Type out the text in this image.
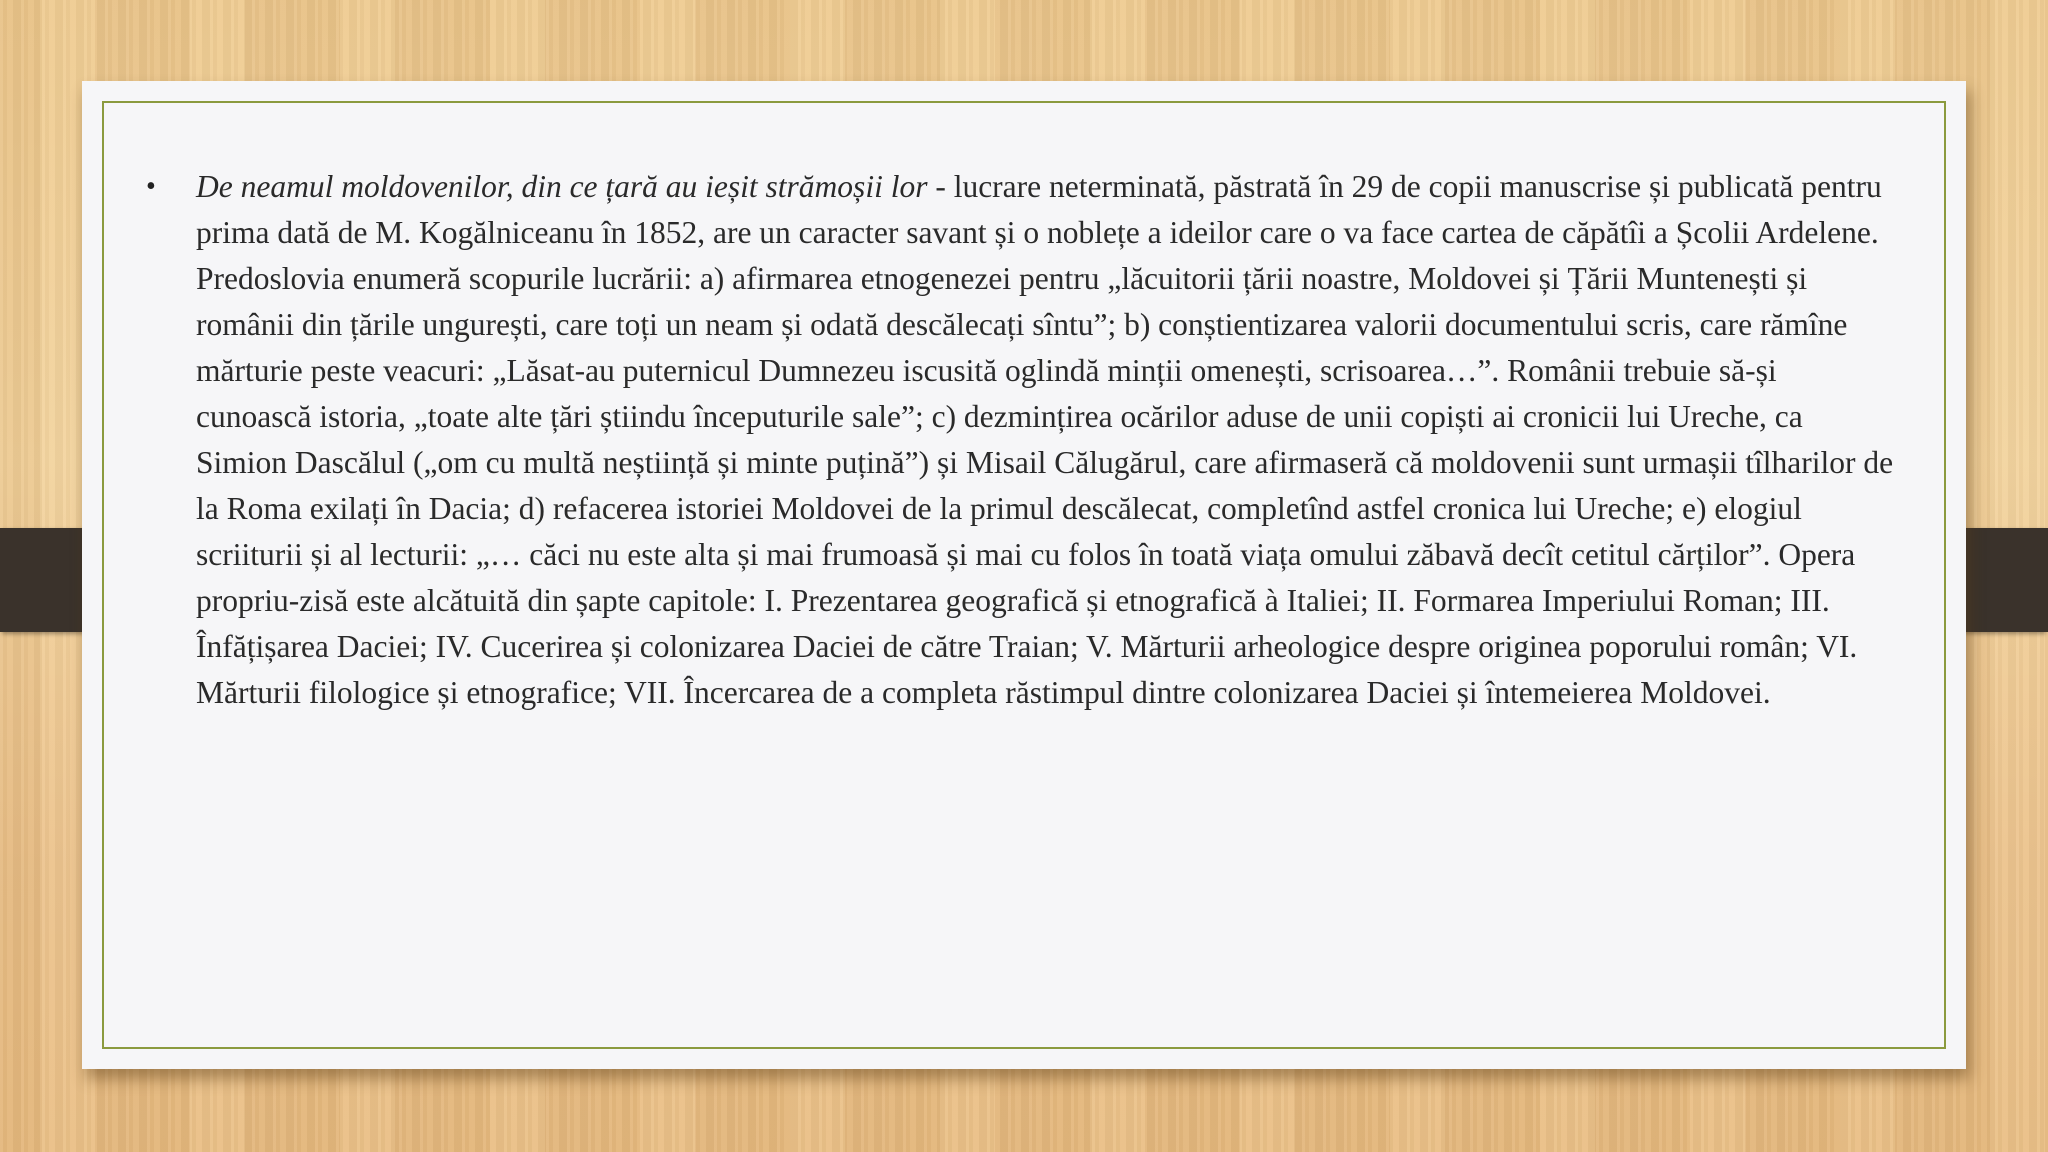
•	De neamul moldovenilor, din ce țară au ieșit strămoșii lor - lucrare neterminată, păstrată în 29 de copii manuscrise și publicată pentru prima dată de M. Kogălniceanu în 1852, are un caracter savant și o noblețe a ideilor care o va face cartea de căpătîi a Școlii Ardelene. Predoslovia enumeră scopurile lucrării: a) afirmarea etnogenezei pentru „lăcuitorii țării noastre, Moldovei și Țării Muntenești și românii din țările ungurești, care toți un neam și odată descălecați sîntu”; b) conștientizarea valorii documentului scris, care rămîne mărturie peste veacuri: „Lăsat-au puternicul Dumnezeu iscusită oglindă minții omenești, scrisoarea…”. Românii trebuie să-și cunoască istoria, „toate alte țări știindu începuturile sale”; c) dezmințirea ocărilor aduse de unii copiști ai cronicii lui Ureche, ca Simion Dascălul („om cu multă neștiință și minte puțină”) și Misail Călugărul, care afirmaseră că moldovenii sunt urmașii tîlharilor de la Roma exilați în Dacia; d) refacerea istoriei Moldovei de la primul descălecat, completînd astfel cronica lui Ureche; e) elogiul scriiturii și al lecturii: „… căci nu este alta și mai frumoasă și mai cu folos în toată viața omului zăbavă decît cetitul cărților”. Opera propriu-zisă este alcătuită din șapte capitole: I. Prezentarea geografică și etnografică à Italiei; II. Formarea Imperiului Roman; III. Înfățișarea Daciei; IV. Cucerirea și colonizarea Daciei de către Traian; V. Mărturii arheologice despre originea poporului român; VI. Mărturii filologice și etnografice; VII. Încercarea de a completa răstimpul dintre colonizarea Daciei și întemeierea Moldovei.
